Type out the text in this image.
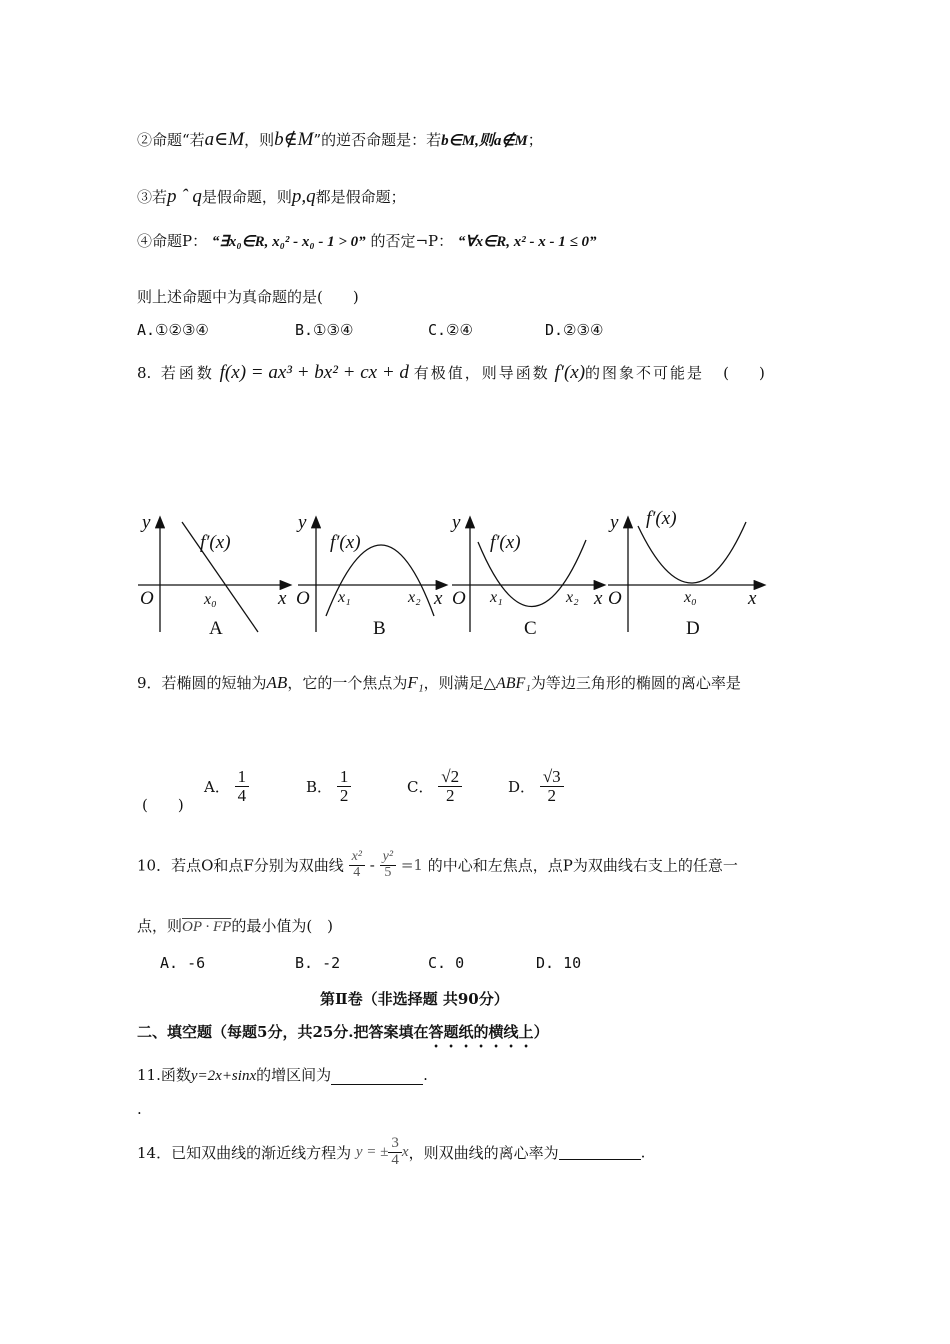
②命题“若a∈M，则b∉M”的逆否命题是：若b∈M,则a∉M；
③若p ˆ q是假命题，则p,q都是假命题；
④命题P： “∃x₀∈R, x₀² - x₀ - 1 > 0” 的否定¬P： “∀x∈R, x² - x - 1 ≤ 0”
则上述命题中为真命题的是(　　)
A.①②③④	B.①③④	C.②④	D.②③④
8. 若函数 f(x) = ax³ + bx² + cx + d 有极值，则导函数 f′(x)的图象不可能是 (　　)
y
f′(x)
O	x₀	x
y
f′(x)
O x₁	x₂ x
y
f′(x)
O x₁	x₂ x
y f′(x)
O	x₀	x
A	B	C	D
9．若椭圆的短轴为AB，它的一个焦点为F₁，则满足△ABF₁为等边三角形的椭圆的离心率是
(　　)
A． $\frac{1}{4}$	B． $\frac{1}{2}$	C． $\frac{√2}{2}$	D． $\frac{√3}{2}$
10．若点O和点F分别为双曲线 $\frac{\text{x²}}{4} - \frac{\text{y²}}{5} =1$ 的中心和左焦点，点P为双曲线右支上的任意一
点，则OP · FP的最小值为(　)
A. -6	B. -2	C. 0	D. 10
第Ⅱ卷（非选择题 共90分）
二、填空题（每题5分，共25分.把答案填在答题纸的横线上）
11.函数y=2x+sinx的增区间为	.
.
14．已知双曲线的渐近线方程为 y = ± $\frac{3}{4}$ x，则双曲线的离心率为	.
